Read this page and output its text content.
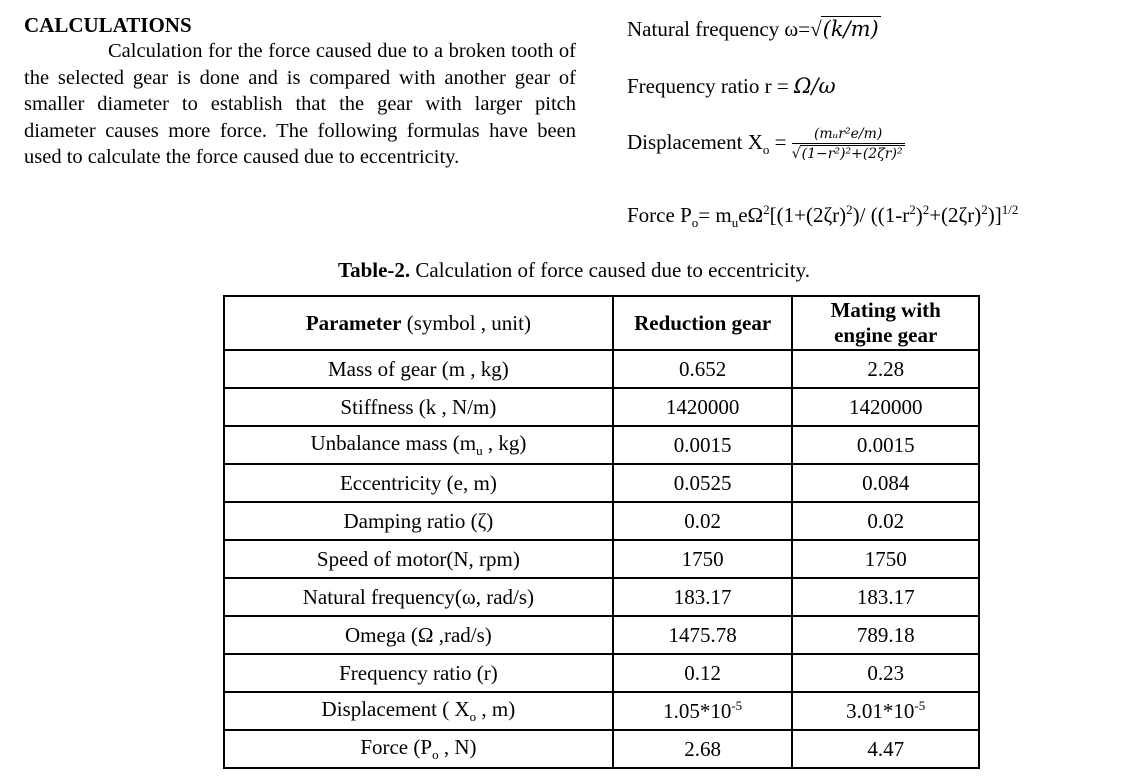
CALCULATIONS

Calculation for the force caused due to a broken tooth of the selected gear is done and is compared with another gear of smaller diameter to establish that the gear with larger pitch diameter causes more force. The following formulas have been used to calculate the force caused due to eccentricity.

Natural frequency ω=√(k/m)
Frequency ratio r = Ω/ω
Displacement $X_o = \frac{\text{(mᵤr²e/m)}}{\text{√(1−r²)²+(2ζr)²}}$
Force $P_o= m_ue\Omega^2[(1+(2\zeta r)^2)/$ $((1-r^2)^2+(2\zeta r)^2)]^{1/2}$
Table-2. Calculation of force caused due to eccentricity.
Parameter (symbol , unit)	Reduction gear	Mating with
engine gear
Mass of gear (m , kg)	0.652	2.28
Stiffness (k , N/m)	1420000	1420000
Unbalance mass ($m_u$ , kg)	0.0015	0.0015
Eccentricity (e, m)	0.0525	0.084
Damping ratio (ζ)	0.02	0.02
Speed of motor(N, rpm)	1750	1750
Natural frequency(ω, rad/s)	183.17	183.17
Omega (Ω ,rad/s)	1475.78	789.18
Frequency ratio (r)	0.12	0.23
Displacement ( $X_o$ , m)	$1.05*10^{-5}$	$3.01*10^{-5}$
Force ($P_o$ , N)	2.68	4.47
